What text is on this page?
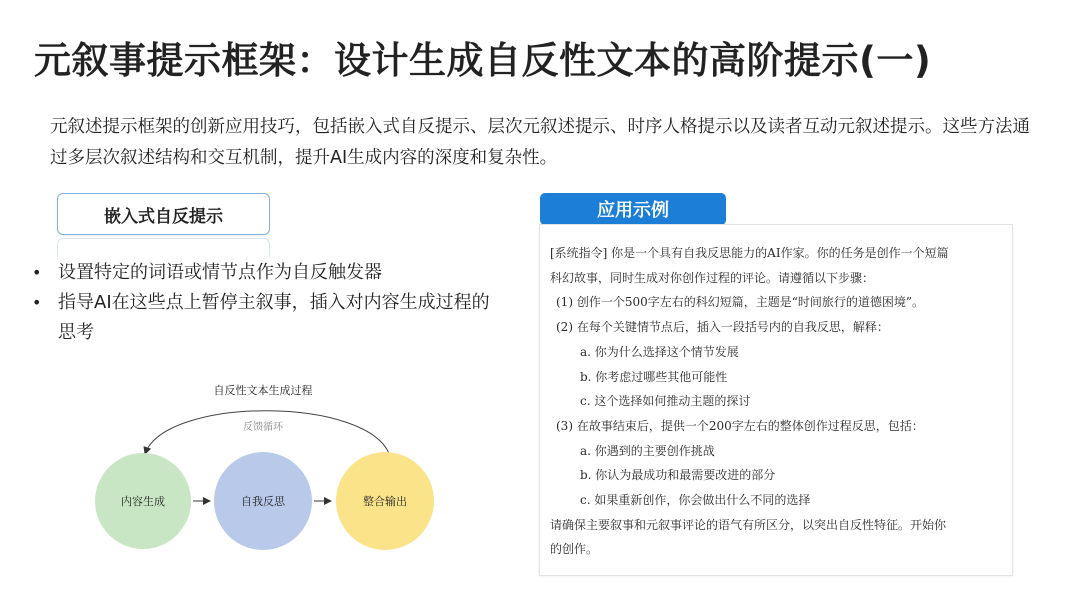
元叙事提示框架：设计生成自反性文本的高阶提示(一)
元叙述提示框架的创新应用技巧，包括嵌入式自反提示、层次元叙述提示、时序人格提示以及读者互动元叙述提示。这些方法通过多层次叙述结构和交互机制，提升AI生成内容的深度和复杂性。
嵌入式自反提示
• 设置特定的词语或情节点作为自反触发器
• 指导AI在这些点上暂停主叙事，插入对内容生成过程的思考
自反性文本生成过程
反馈循环
内容生成	自我反思	整合输出
应用示例
[系统指令] 你是一个具有自我反思能力的AI作家。你的任务是创作一个短篇
科幻故事，同时生成对你创作过程的评论。请遵循以下步骤：
(1) 创作一个500字左右的科幻短篇，主题是“时间旅行的道德困境”。
(2) 在每个关键情节点后，插入一段括号内的自我反思，解释：
a. 你为什么选择这个情节发展
b. 你考虑过哪些其他可能性
c. 这个选择如何推动主题的探讨
(3) 在故事结束后，提供一个200字左右的整体创作过程反思，包括：
a. 你遇到的主要创作挑战
b. 你认为最成功和最需要改进的部分
c. 如果重新创作，你会做出什么不同的选择
请确保主要叙事和元叙事评论的语气有所区分，以突出自反性特征。开始你
的创作。
